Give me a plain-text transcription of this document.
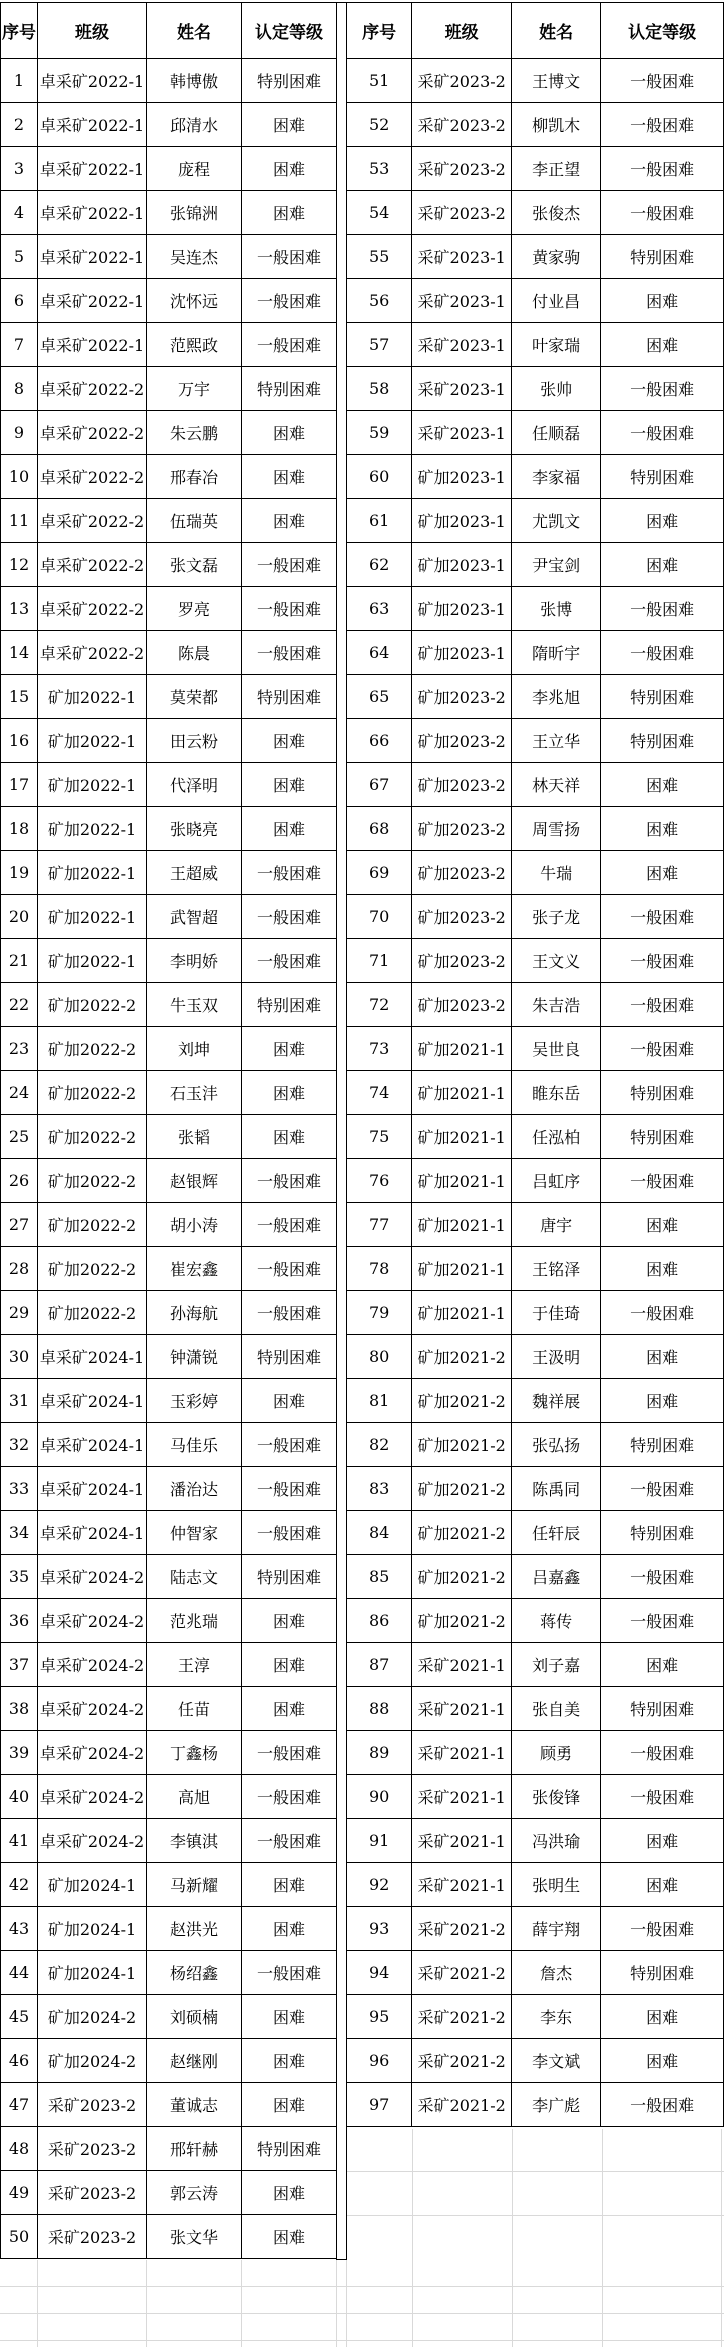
序号	班级	姓名	认定等级
1	卓采矿2022-1	韩博傲	特别困难
2	卓采矿2022-1	邱清水	困难
3	卓采矿2022-1	庞程	困难
4	卓采矿2022-1	张锦洲	困难
5	卓采矿2022-1	吴连杰	一般困难
6	卓采矿2022-1	沈怀远	一般困难
7	卓采矿2022-1	范熙政	一般困难
8	卓采矿2022-2	万宇	特别困难
9	卓采矿2022-2	朱云鹏	困难
10	卓采矿2022-2	邢春冶	困难
11	卓采矿2022-2	伍瑞英	困难
12	卓采矿2022-2	张文磊	一般困难
13	卓采矿2022-2	罗亮	一般困难
14	卓采矿2022-2	陈晨	一般困难
15	矿加2022-1	莫荣都	特别困难
16	矿加2022-1	田云粉	困难
17	矿加2022-1	代泽明	困难
18	矿加2022-1	张晓亮	困难
19	矿加2022-1	王超威	一般困难
20	矿加2022-1	武智超	一般困难
21	矿加2022-1	李明娇	一般困难
22	矿加2022-2	牛玉双	特别困难
23	矿加2022-2	刘坤	困难
24	矿加2022-2	石玉沣	困难
25	矿加2022-2	张韬	困难
26	矿加2022-2	赵银辉	一般困难
27	矿加2022-2	胡小涛	一般困难
28	矿加2022-2	崔宏鑫	一般困难
29	矿加2022-2	孙海航	一般困难
30	卓采矿2024-1	钟潇锐	特别困难
31	卓采矿2024-1	玉彩婷	困难
32	卓采矿2024-1	马佳乐	一般困难
33	卓采矿2024-1	潘治达	一般困难
34	卓采矿2024-1	仲智家	一般困难
35	卓采矿2024-2	陆志文	特别困难
36	卓采矿2024-2	范兆瑞	困难
37	卓采矿2024-2	王淳	困难
38	卓采矿2024-2	任苗	困难
39	卓采矿2024-2	丁鑫杨	一般困难
40	卓采矿2024-2	高旭	一般困难
41	卓采矿2024-2	李镇淇	一般困难
42	矿加2024-1	马新耀	困难
43	矿加2024-1	赵洪光	困难
44	矿加2024-1	杨绍鑫	一般困难
45	矿加2024-2	刘硕楠	困难
46	矿加2024-2	赵继刚	困难
47	采矿2023-2	董诚志	困难
48	采矿2023-2	邢轩赫	特别困难
49	采矿2023-2	郭云涛	困难
50	采矿2023-2	张文华	困难
序号	班级	姓名	认定等级
51	采矿2023-2	王博文	一般困难
52	采矿2023-2	柳凯木	一般困难
53	采矿2023-2	李正望	一般困难
54	采矿2023-2	张俊杰	一般困难
55	采矿2023-1	黄家驹	特别困难
56	采矿2023-1	付业昌	困难
57	采矿2023-1	叶家瑞	困难
58	采矿2023-1	张帅	一般困难
59	采矿2023-1	任顺磊	一般困难
60	矿加2023-1	李家福	特别困难
61	矿加2023-1	尤凯文	困难
62	矿加2023-1	尹宝剑	困难
63	矿加2023-1	张博	一般困难
64	矿加2023-1	隋昕宇	一般困难
65	矿加2023-2	李兆旭	特别困难
66	矿加2023-2	王立华	特别困难
67	矿加2023-2	林天祥	困难
68	矿加2023-2	周雪扬	困难
69	矿加2023-2	牛瑞	困难
70	矿加2023-2	张子龙	一般困难
71	矿加2023-2	王文义	一般困难
72	矿加2023-2	朱吉浩	一般困难
73	矿加2021-1	吴世良	一般困难
74	矿加2021-1	睢东岳	特别困难
75	矿加2021-1	任泓柏	特别困难
76	矿加2021-1	吕虹序	一般困难
77	矿加2021-1	唐宇	困难
78	矿加2021-1	王铭泽	困难
79	矿加2021-1	于佳琦	一般困难
80	矿加2021-2	王汲明	困难
81	矿加2021-2	魏祥展	困难
82	矿加2021-2	张弘扬	特别困难
83	矿加2021-2	陈禹同	一般困难
84	矿加2021-2	任轩辰	特别困难
85	矿加2021-2	吕嘉鑫	一般困难
86	矿加2021-2	蒋传	一般困难
87	采矿2021-1	刘子嘉	困难
88	采矿2021-1	张自美	特别困难
89	采矿2021-1	顾勇	一般困难
90	采矿2021-1	张俊锋	一般困难
91	采矿2021-1	冯洪瑜	困难
92	采矿2021-1	张明生	困难
93	采矿2021-2	薛宇翔	一般困难
94	采矿2021-2	詹杰	特别困难
95	采矿2021-2	李东	困难
96	采矿2021-2	李文斌	困难
97	采矿2021-2	李广彪	一般困难
